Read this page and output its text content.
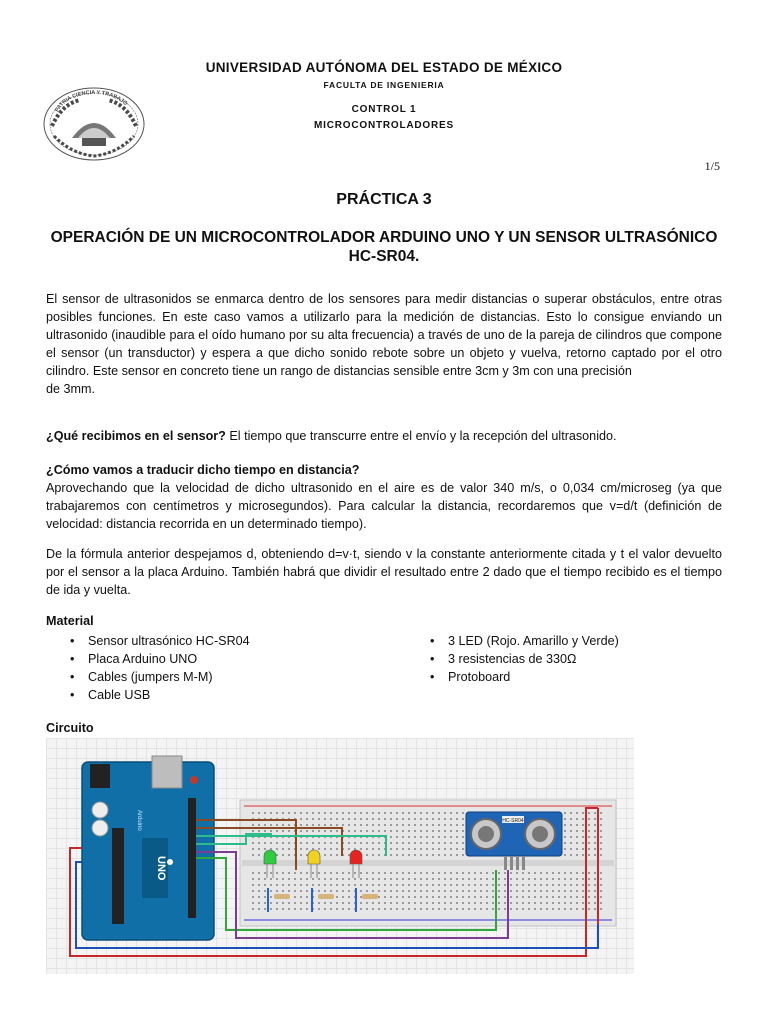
UNIVERSIDAD AUTÓNOMA DEL ESTADO DE MÉXICO
FACULTA DE INGENIERIA
CONTROL 1
MICROCONTROLADORES
PATRIA CIENCIA Y TRABAJO
1/5
PRÁCTICA 3
OPERACIÓN DE UN MICROCONTROLADOR ARDUINO UNO Y UN SENSOR ULTRASÓNICO HC-SR04.
El sensor de ultrasonidos se enmarca dentro de los sensores para medir distancias o superar obstáculos, entre otras posibles funciones. En este caso vamos a utilizarlo para la medición de distancias. Esto lo consigue enviando un ultrasonido (inaudible para el oído humano por su alta frecuencia) a través de uno de la pareja de cilindros que compone el sensor (un transductor) y espera a que dicho sonido rebote sobre un objeto y vuelva, retorno captado por el otro cilindro. Este sensor en concreto tiene un rango de distancias sensible entre 3cm y 3m con una precisión
de 3mm.
¿Qué recibimos en el sensor? El tiempo que transcurre entre el envío y la recepción del ultrasonido.
¿Cómo vamos a traducir dicho tiempo en distancia?
Aprovechando que la velocidad de dicho ultrasonido en el aire es de valor 340 m/s, o 0,034 cm/microseg (ya que trabajaremos con centímetros y microsegundos). Para calcular la distancia, recordaremos que v=d/t (definición de velocidad: distancia recorrida en un determinado tiempo).
De la fórmula anterior despejamos d, obteniendo d=v·t, siendo v la constante anteriormente citada y t el valor devuelto por el sensor a la placa Arduino. También habrá que dividir el resultado entre 2 dado que el tiempo recibido es el tiempo de ida y vuelta.
Material
• Sensor ultrasónico HC-SR04
• Placa Arduino UNO
• Cables (jumpers M-M)
• Cable USB
• 3 LED (Rojo. Amarillo y Verde)
• 3 resistencias de 330Ω
• Protoboard
Circuito
UNO
Arduino	HC-SR04
